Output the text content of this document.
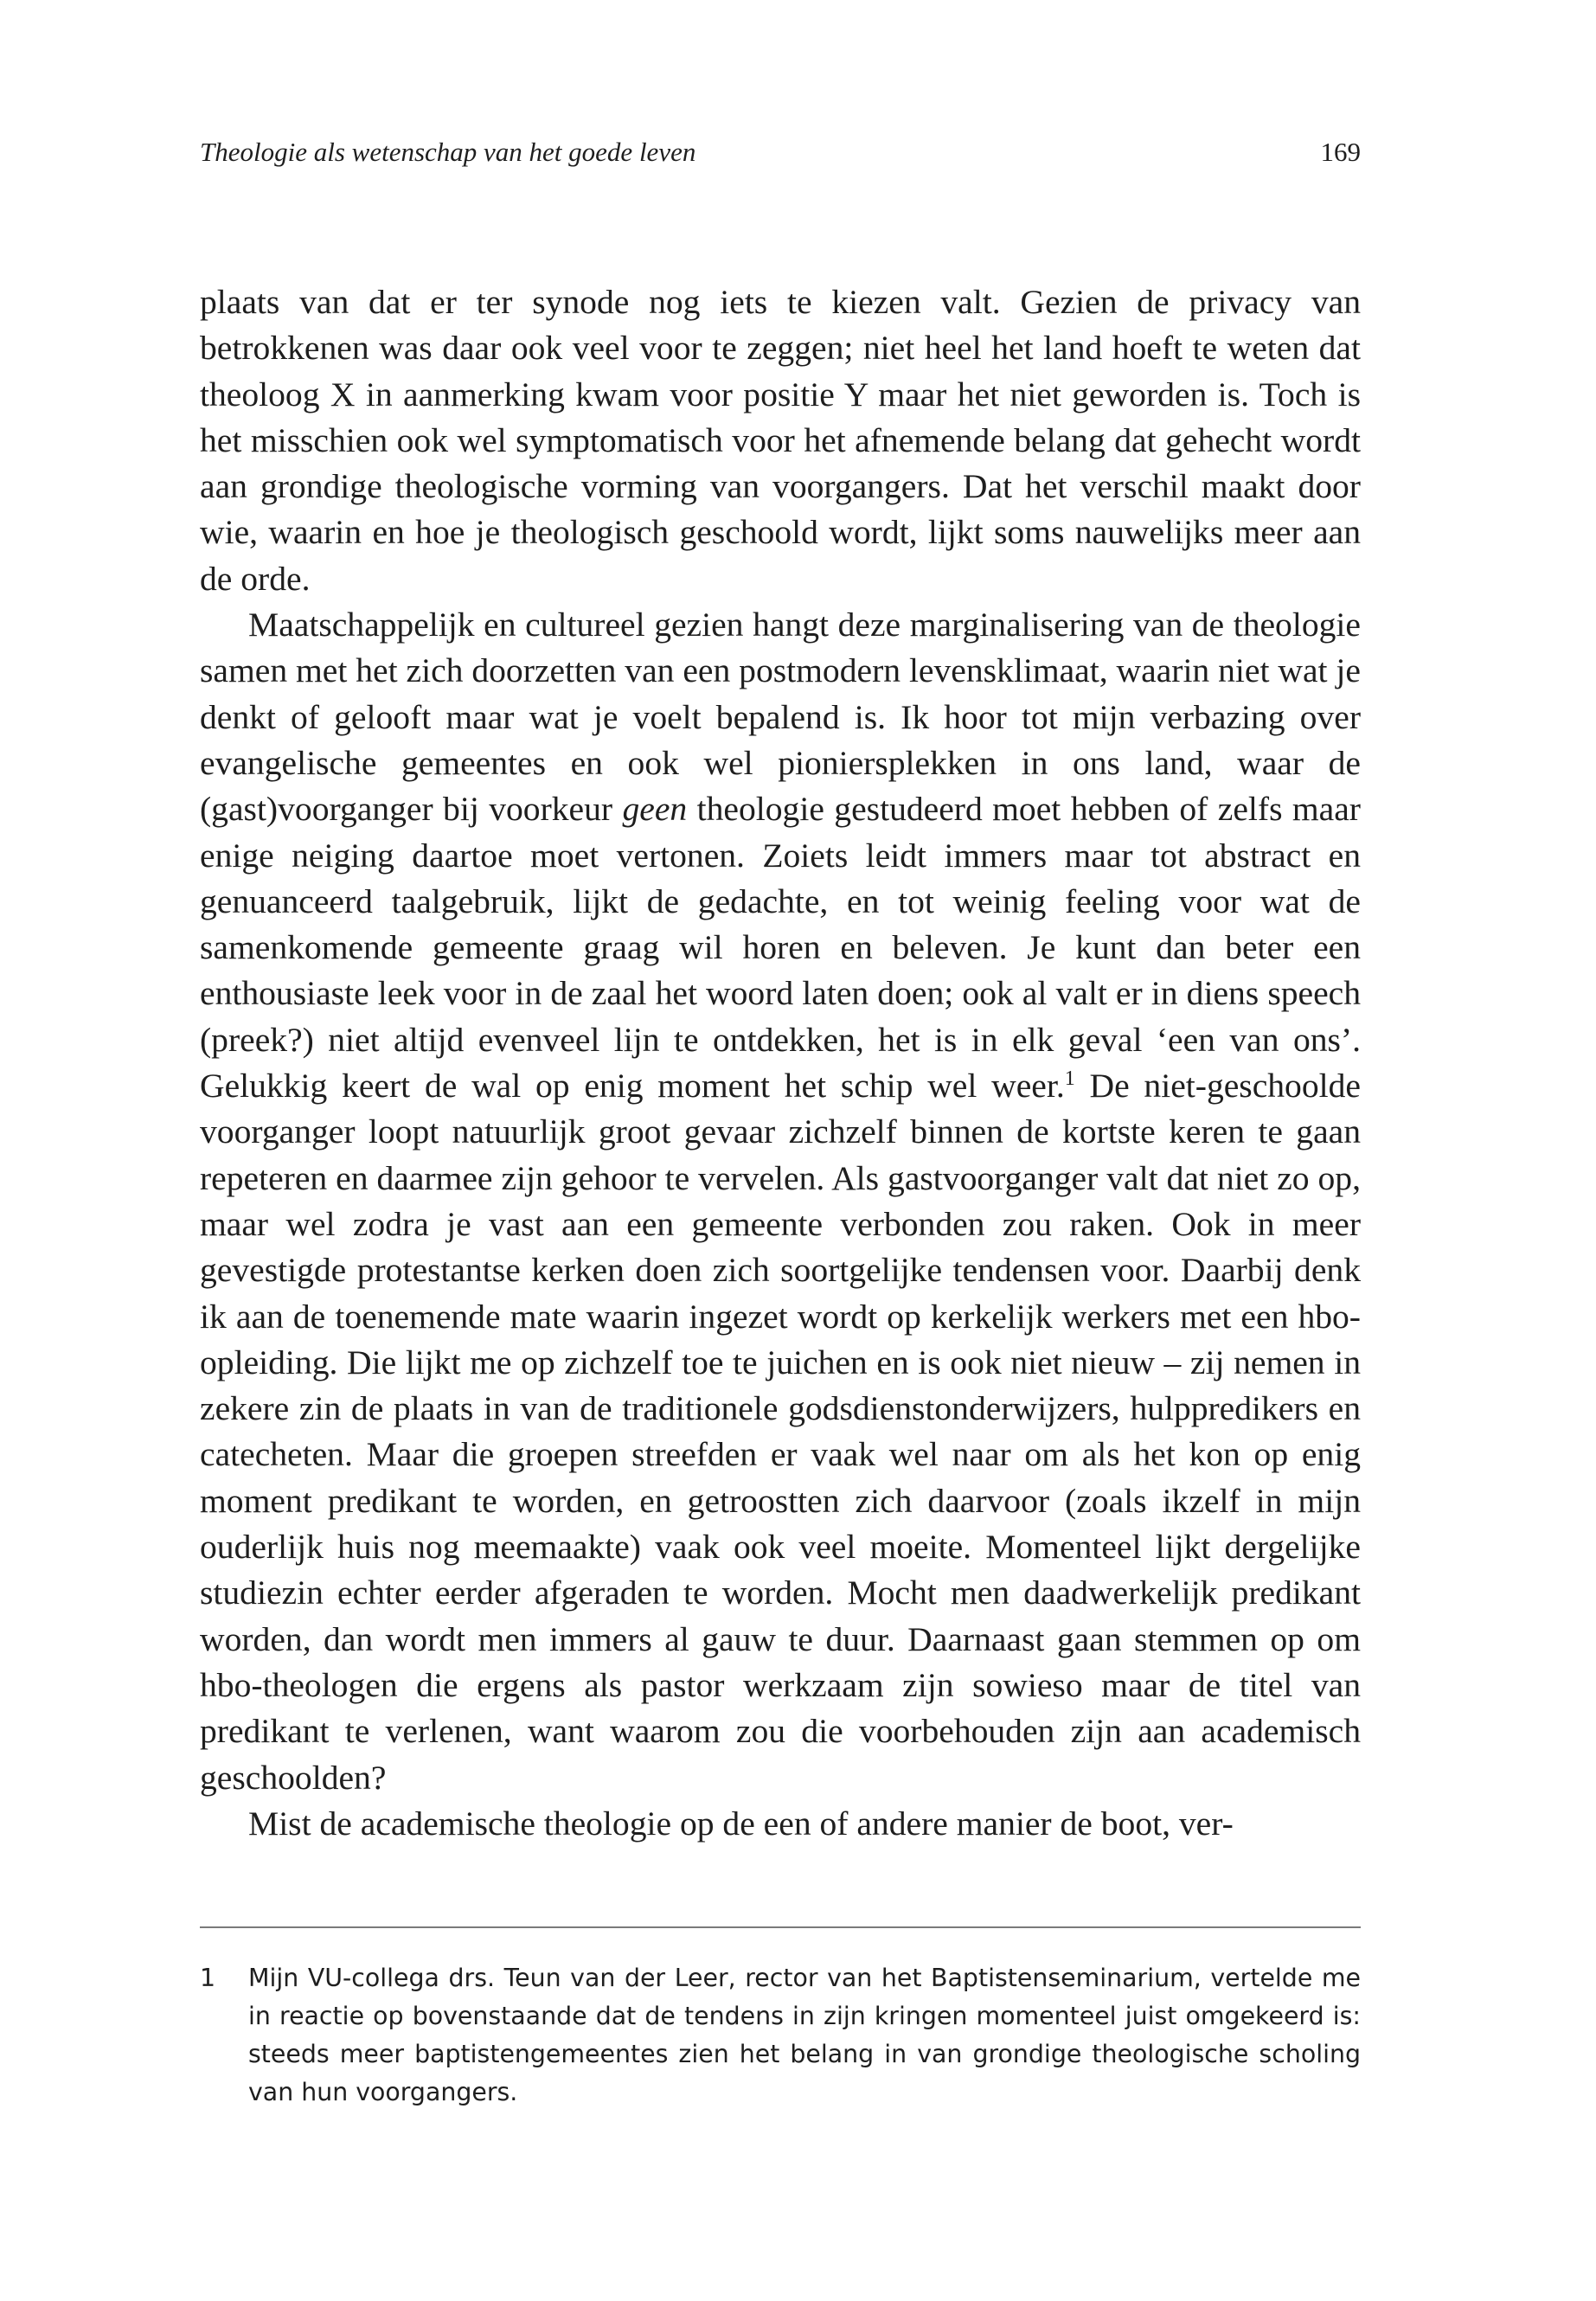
Theologie als wetenschap van het goede leven	169

plaats van dat er ter synode nog iets te kiezen valt. Gezien de privacy van betrokkenen was daar ook veel voor te zeggen; niet heel het land hoeft te weten dat theoloog X in aanmerking kwam voor positie Y maar het niet geworden is. Toch is het misschien ook wel symptomatisch voor het afnemende belang dat gehecht wordt aan grondige theologische vorming van voorgangers. Dat het verschil maakt door wie, waarin en hoe je theologisch geschoold wordt, lijkt soms nauwelijks meer aan de orde.

Maatschappelijk en cultureel gezien hangt deze marginalisering van de theologie samen met het zich doorzetten van een postmodern levensklimaat, waarin niet wat je denkt of gelooft maar wat je voelt bepalend is. Ik hoor tot mijn verbazing over evangelische gemeentes en ook wel pioniersplekken in ons land, waar de (gast)voorganger bij voorkeur geen theologie gestudeerd moet hebben of zelfs maar enige neiging daartoe moet vertonen. Zoiets leidt immers maar tot abstract en genuanceerd taalgebruik, lijkt de gedachte, en tot weinig feeling voor wat de samenkomende gemeente graag wil horen en beleven. Je kunt dan beter een enthousiaste leek voor in de zaal het woord laten doen; ook al valt er in diens speech (preek?) niet altijd evenveel lijn te ontdekken, het is in elk geval ‘een van ons’. Gelukkig keert de wal op enig moment het schip wel weer.$^1$ De niet-geschoolde voorganger loopt natuurlijk groot gevaar zichzelf binnen de kortste keren te gaan repeteren en daarmee zijn gehoor te vervelen. Als gastvoorganger valt dat niet zo op, maar wel zodra je vast aan een gemeente verbonden zou raken. Ook in meer gevestigde protestantse kerken doen zich soortgelijke tendensen voor. Daarbij denk ik aan de toenemende mate waarin ingezet wordt op kerkelijk werkers met een hbo-opleiding. Die lijkt me op zichzelf toe te juichen en is ook niet nieuw – zij nemen in zekere zin de plaats in van de traditionele godsdienstonderwijzers, hulppredikers en catecheten. Maar die groepen streefden er vaak wel naar om als het kon op enig moment predikant te worden, en getroostten zich daarvoor (zoals ikzelf in mijn ouderlijk huis nog meemaakte) vaak ook veel moeite. Momenteel lijkt dergelijke studiezin echter eerder afgeraden te worden. Mocht men daadwerkelijk predikant worden, dan wordt men immers al gauw te duur. Daarnaast gaan stemmen op om hbo-theologen die ergens als pastor werkzaam zijn sowieso maar de titel van predikant te verlenen, want waarom zou die voorbehouden zijn aan academisch geschoolden?

Mist de academische theologie op de een of andere manier de boot, ver-

1	Mijn VU-collega drs. Teun van der Leer, rector van het Baptistenseminarium, vertelde me in reactie op bovenstaande dat de tendens in zijn kringen momenteel juist omgekeerd is: steeds meer baptistengemeentes zien het belang in van grondige theologische scholing van hun voorgangers.
